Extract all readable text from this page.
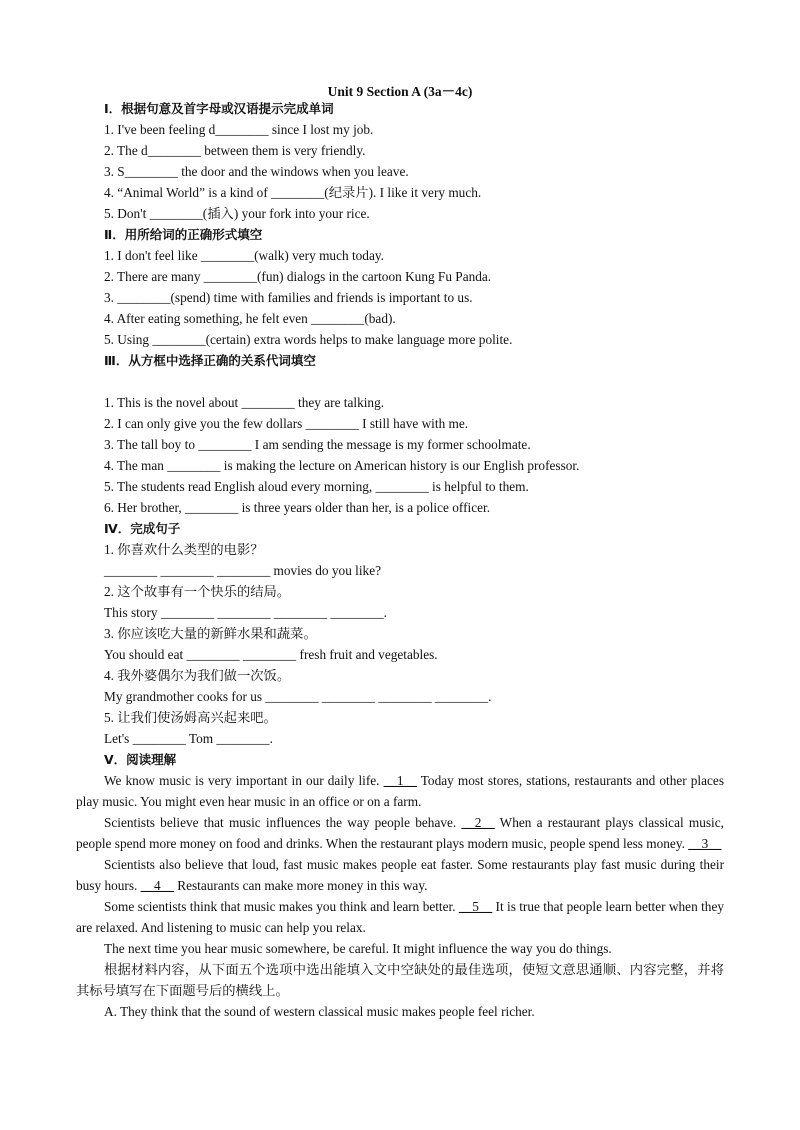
Unit 9 Section A (3a－4c)
Ⅰ．根据句意及首字母或汉语提示完成单词
1. I've been feeling d________ since I lost my job.
2. The d________ between them is very friendly.
3. S________ the door and the windows when you leave.
4. “Animal World” is a kind of ________(纪录片). I like it very much.
5. Don't ________(插入) your fork into your rice.
Ⅱ．用所给词的正确形式填空
1. I don't feel like ________(walk) very much today.
2. There are many ________(fun) dialogs in the cartoon Kung Fu Panda.
3. ________(spend) time with families and friends is important to us.
4. After eating something, he felt even ________(bad).
5. Using ________(certain) extra words helps to make language more polite.
Ⅲ．从方框中选择正确的关系代词填空
1. This is the novel about ________ they are talking.
2. I can only give you the few dollars ________ I still have with me.
3. The tall boy to ________ I am sending the message is my former schoolmate.
4. The man ________ is making the lecture on American history is our English professor.
5. The students read English aloud every morning, ________ is helpful to them.
6. Her brother, ________ is three years older than her, is a police officer.
Ⅳ．完成句子
1. 你喜欢什么类型的电影？
________ ________ ________ movies do you like?
2. 这个故事有一个快乐的结局。
This story ________ ________ ________ ________.
3. 你应该吃大量的新鲜水果和蔬菜。
You should eat ________ ________ fresh fruit and vegetables.
4. 我外婆偶尔为我们做一次饭。
My grandmother cooks for us ________ ________ ________ ________.
5. 让我们使汤姆高兴起来吧。
Let's ________ Tom ________.
Ⅴ．阅读理解
We know music is very important in our daily life. __1__ Today most stores, stations, restaurants and other places play music. You might even hear music in an office or on a farm.
Scientists believe that music influences the way people behave. __2__ When a restaurant plays classical music, people spend more money on food and drinks. When the restaurant plays modern music, people spend less money. __3__
Scientists also believe that loud, fast music makes people eat faster. Some restaurants play fast music during their busy hours. __4__ Restaurants can make more money in this way.
Some scientists think that music makes you think and learn better. __5__ It is true that people learn better when they are relaxed. And listening to music can help you relax.
The next time you hear music somewhere, be careful. It might influence the way you do things.
根据材料内容，从下面五个选项中选出能填入文中空缺处的最佳选项，使短文意思通顺、内容完整，并将其标号填写在下面题号后的横线上。
A. They think that the sound of western classical music makes people feel richer.
